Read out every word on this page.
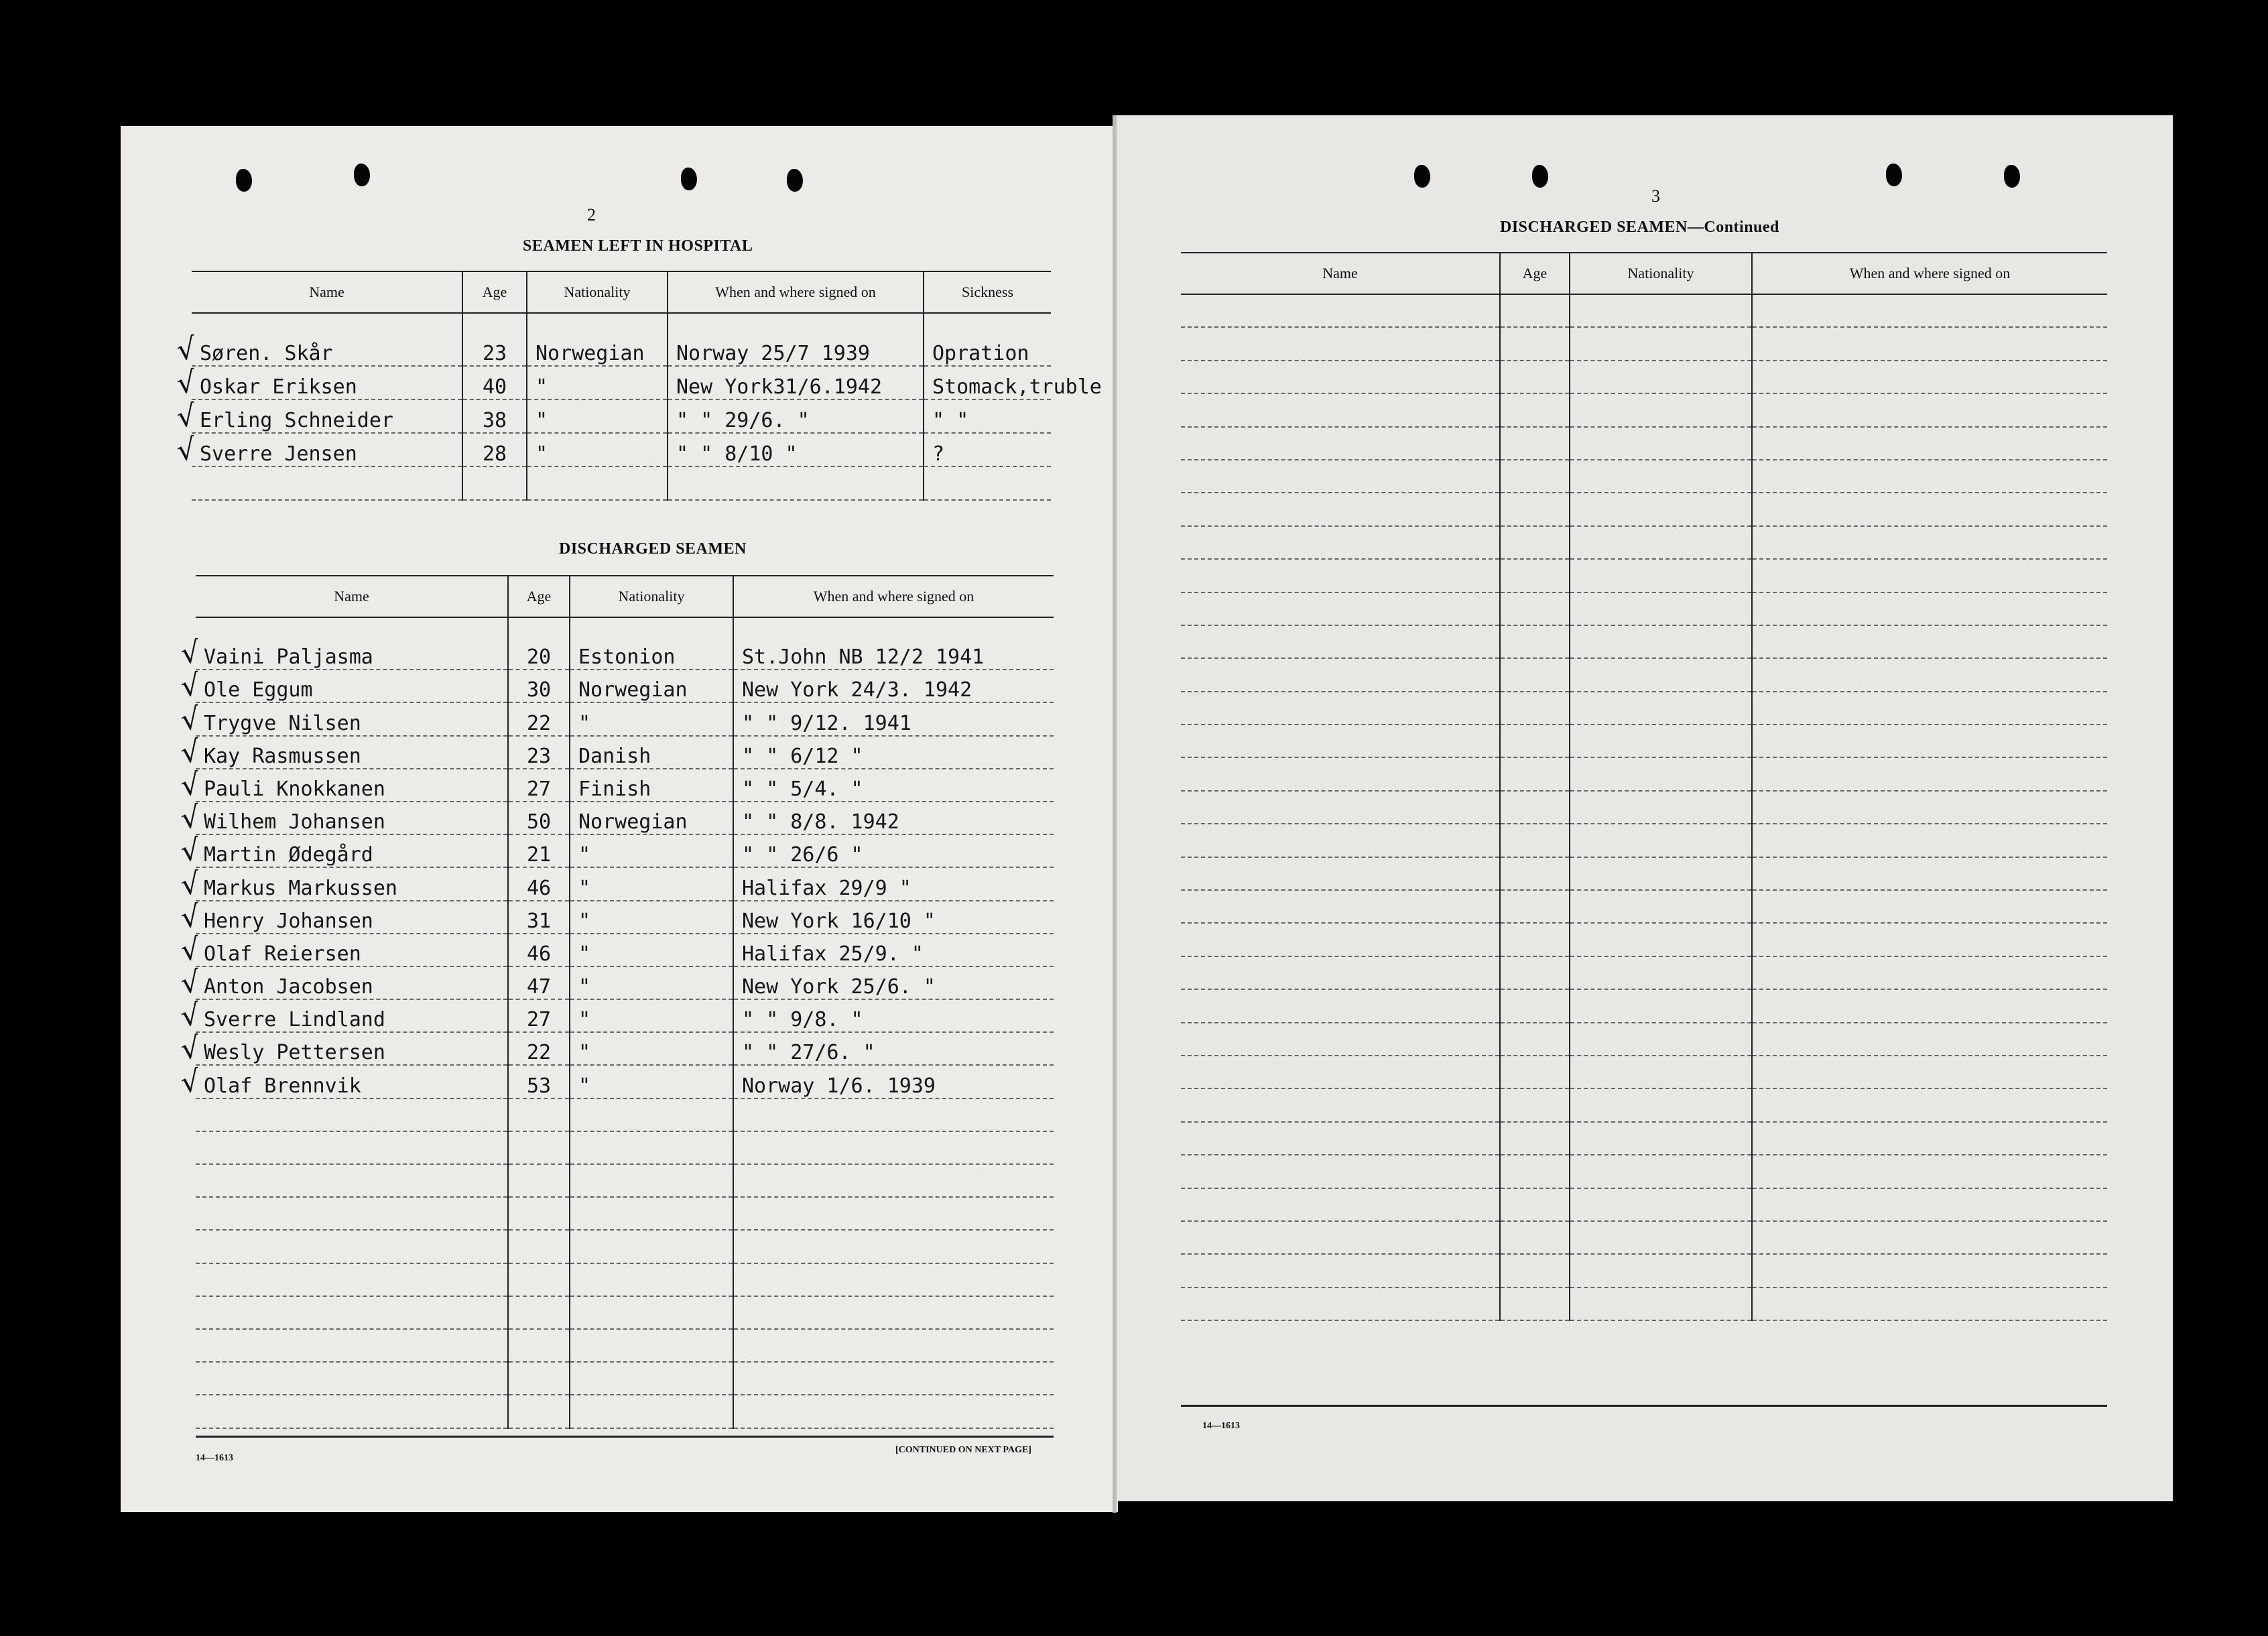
2
SEAMEN LEFT IN HOSPITAL
Name	Age	Nationality	When and where signed on	Sickness

Søren. Skår	23	Norwegian	Norway 25/7 1939	Opration
Oskar Eriksen	40	"	New York31/6.1942	Stomack,truble
Erling Schneider	38	"	" " 29/6. "	" "
Sverre Jensen	28	"	" " 8/10 "	?

DISCHARGED SEAMEN
Name	Age	Nationality	When and where signed on

Vaini Paljasma	20	Estonion	St.John NB 12/2 1941
Ole Eggum	30	Norwegian	New York 24/3. 1942
Trygve Nilsen	22	"	" " 9/12. 1941
Kay Rasmussen	23	Danish	" " 6/12 "
Pauli Knokkanen	27	Finish	" " 5/4. "
Wilhem Johansen	50	Norwegian	" " 8/8. 1942
Martin Ødegård	21	"	" " 26/6 "
Markus Markussen	46	"	Halifax 29/9 "
Henry Johansen	31	"	New York 16/10 "
Olaf Reiersen	46	"	Halifax 25/9. "
Anton Jacobsen	47	"	New York 25/6. "
Sverre Lindland	27	"	" " 9/8. "
Wesly Pettersen	22	"	" " 27/6. "
Olaf Brennvik	53	"	Norway 1/6. 1939

14—1613
[CONTINUED ON NEXT PAGE]
3
DISCHARGED SEAMEN—Continued
Name	Age	Nationality	When and where signed on

14—1613
√
√
√
√
√
√
√
√
√
√
√
√
√
√
√
√
√
√
